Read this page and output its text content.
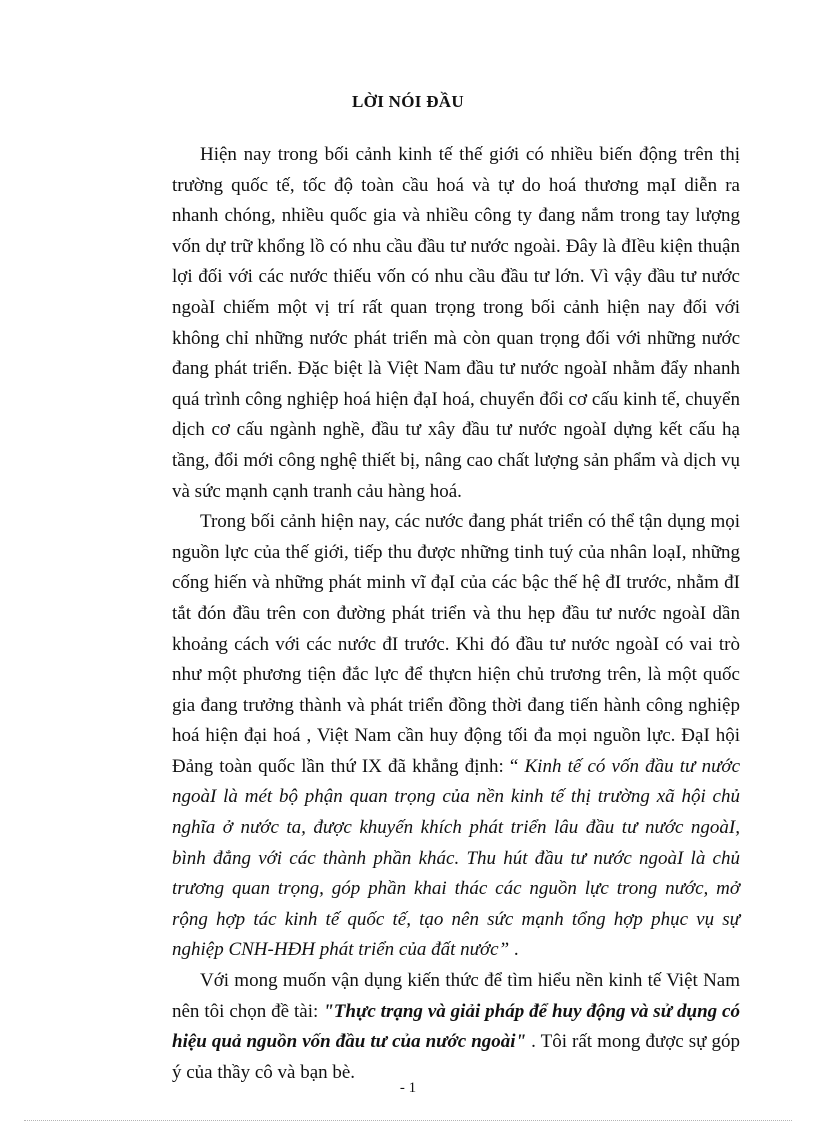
LỜI NÓI ĐẦU

Hiện nay trong bối cảnh kinh tế thế giới có nhiều biến động trên thị trường quốc tế, tốc độ toàn cầu hoá và tự do hoá thương mạI diễn ra nhanh chóng, nhiều quốc gia và nhiều công ty đang nắm trong tay lượng vốn dự trữ khổng lồ có nhu cầu đầu tư nước ngoài. Đây là đIều kiện thuận lợi đối với các nước thiếu vốn có nhu cầu đầu tư lớn. Vì vậy đầu tư nước ngoàI chiếm một vị trí rất quan trọng trong bối cảnh hiện nay đối với không chỉ những nước phát triển mà còn quan trọng đối với những nước đang phát triển. Đặc biệt là Việt Nam đầu tư nước ngoàI nhằm đẩy nhanh quá trình công nghiệp hoá hiện đạI hoá, chuyển đổi cơ cấu kinh tế, chuyển dịch cơ cấu ngành nghề, đầu tư xây đầu tư nước ngoàI dựng kết cấu hạ tầng, đổi mới công nghệ thiết bị, nâng cao chất lượng sản phẩm và dịch vụ và sức mạnh cạnh tranh cảu hàng hoá.

Trong bối cảnh hiện nay, các nước đang phát triển có thể tận dụng mọi nguồn lực của thế giới, tiếp thu được những tinh tuý của nhân loạI, những cống hiến và những phát minh vĩ đạI của các bậc thế hệ đI trước, nhằm đI tắt đón đầu trên con đường phát triển và thu hẹp đầu tư nước ngoàI dần khoảng cách với các nước đI trước. Khi đó đầu tư nước ngoàI có vai trò như một phương tiện đắc lực để thựcn hiện chủ trương trên, là một quốc gia đang trưởng thành và phát triển đồng thời đang tiến hành công nghiệp hoá hiện đại hoá , Việt Nam cần huy động tối đa mọi nguồn lực. ĐạI hội Đảng toàn quốc lần thứ IX đã khẳng định: “ Kinh tế có vốn đầu tư nước ngoàI là mét bộ phận quan trọng của nền kinh tế thị trường xã hội chủ nghĩa ở nước ta, được khuyến khích phát triển lâu đầu tư nước ngoàI, bình đẳng với các thành phần khác. Thu hút đầu tư nước ngoàI là chủ trương quan trọng, góp phần khai thác các nguồn lực trong nước, mở rộng hợp tác kinh tế quốc tế, tạo nên sức mạnh tổng hợp phục vụ sự nghiệp CNH-HĐH phát triển của đất nước” .

Với mong muốn vận dụng kiến thức để tìm hiểu nền kinh tế Việt Nam nên tôi chọn đề tài: "Thực trạng và giải pháp để huy động và sử dụng có hiệu quả nguồn vốn đầu tư của nước ngoài" . Tôi rất mong được sự góp ý của thầy cô và bạn bè.

- 1
